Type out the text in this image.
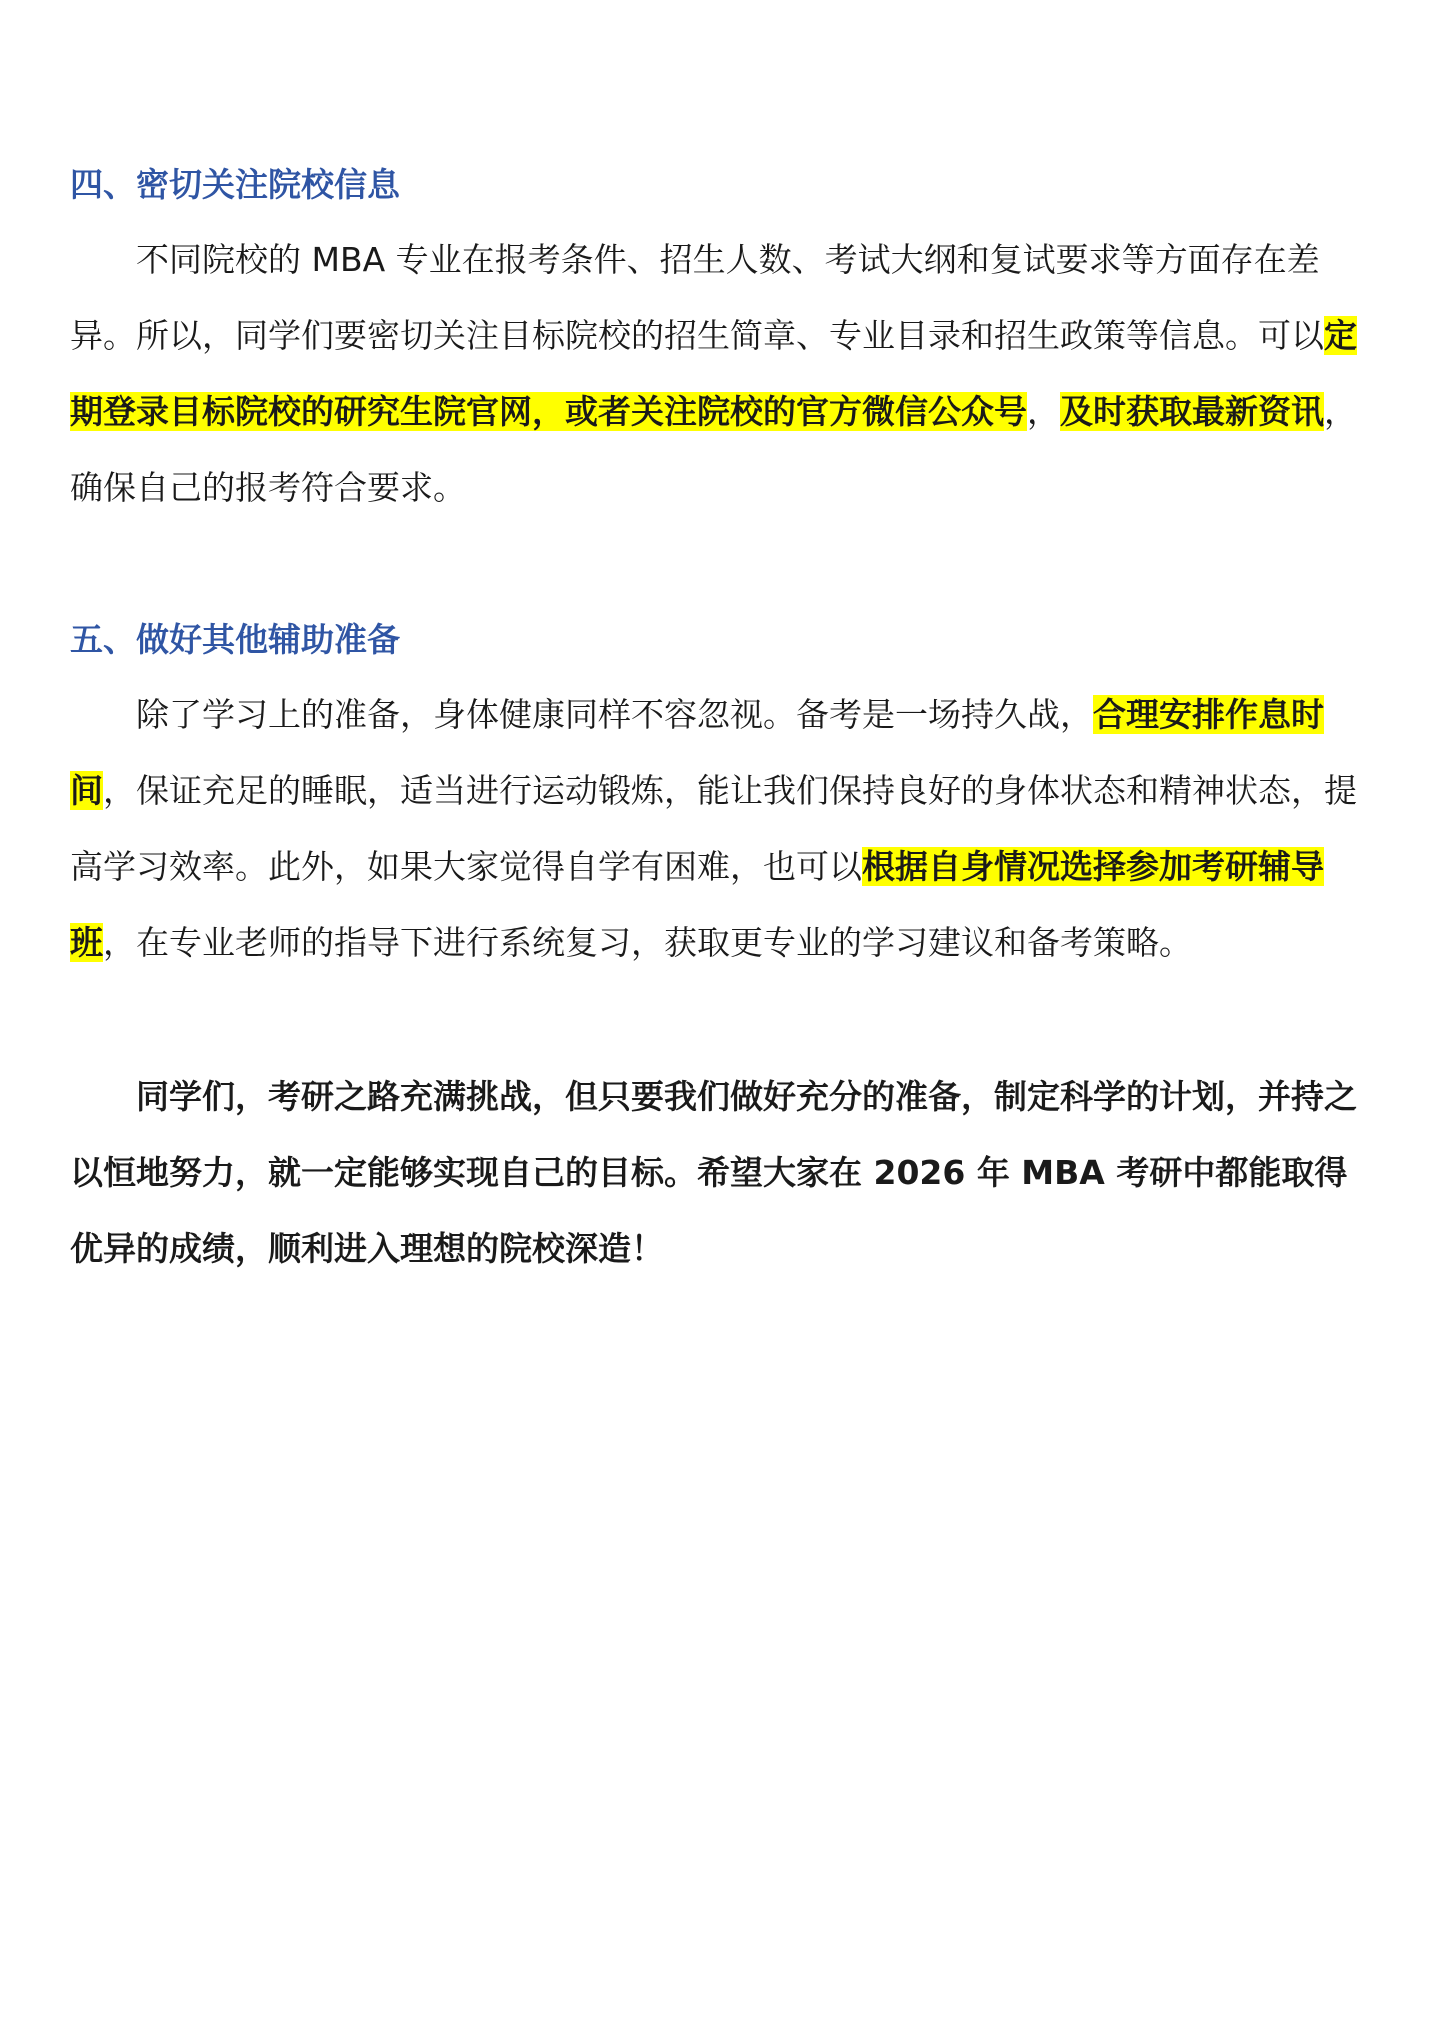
四、密切关注院校信息

不同院校的 MBA 专业在报考条件、招生人数、考试大纲和复试要求等方面存在差异。所以，同学们要密切关注目标院校的招生简章、专业目录和招生政策等信息。可以定期登录目标院校的研究生院官网，或者关注院校的官方微信公众号，及时获取最新资讯，确保自己的报考符合要求。

五、做好其他辅助准备

除了学习上的准备，身体健康同样不容忽视。备考是一场持久战，合理安排作息时间，保证充足的睡眠，适当进行运动锻炼，能让我们保持良好的身体状态和精神状态，提高学习效率。此外，如果大家觉得自学有困难，也可以根据自身情况选择参加考研辅导班，在专业老师的指导下进行系统复习，获取更专业的学习建议和备考策略。

同学们，考研之路充满挑战，但只要我们做好充分的准备，制定科学的计划，并持之以恒地努力，就一定能够实现自己的目标。希望大家在 2026 年 MBA 考研中都能取得优异的成绩，顺利进入理想的院校深造！
